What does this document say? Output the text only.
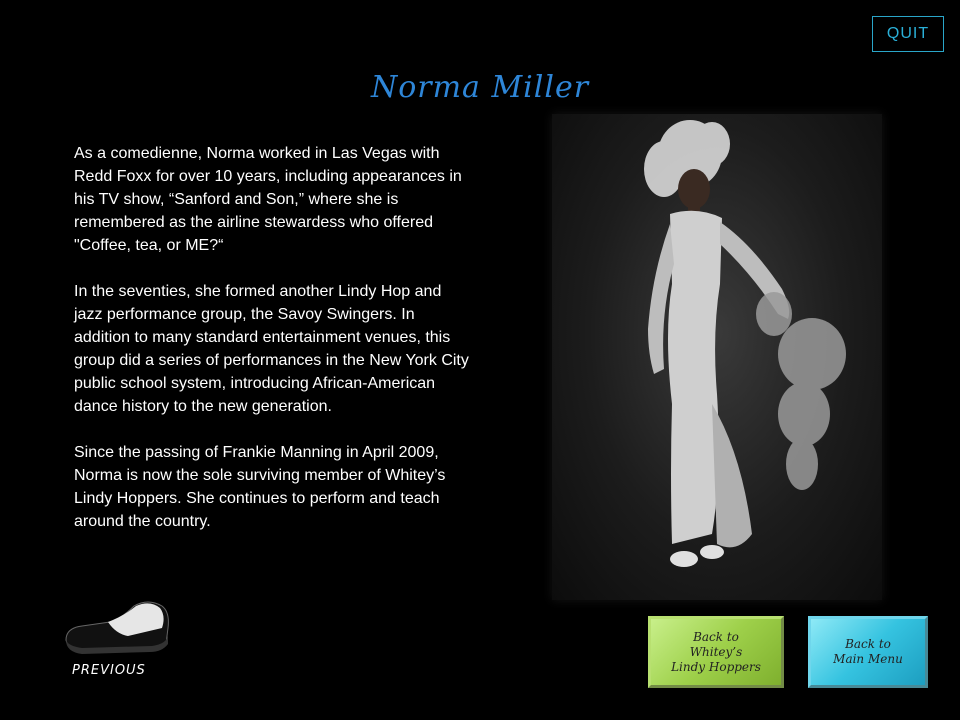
QUIT
Norma Miller

As a comedienne, Norma worked in Las Vegas with Redd Foxx for over 10 years, including appearances in his TV show, “Sanford and Son,” where she is remembered as the airline stewardess who offered "Coffee, tea, or ME?“

In the seventies, she formed another Lindy Hop and jazz performance group, the Savoy Swingers. In addition to many standard entertainment venues, this group did a series of performances in the New York City public school system, introducing African-American dance history to the new generation.

Since the passing of Frankie Manning in April 2009, Norma is now the sole surviving member of Whitey’s Lindy Hoppers. She continues to perform and teach around the country.

PREVIOUS
Back to
Whitey’s
Lindy Hoppers
Back to
Main Menu
